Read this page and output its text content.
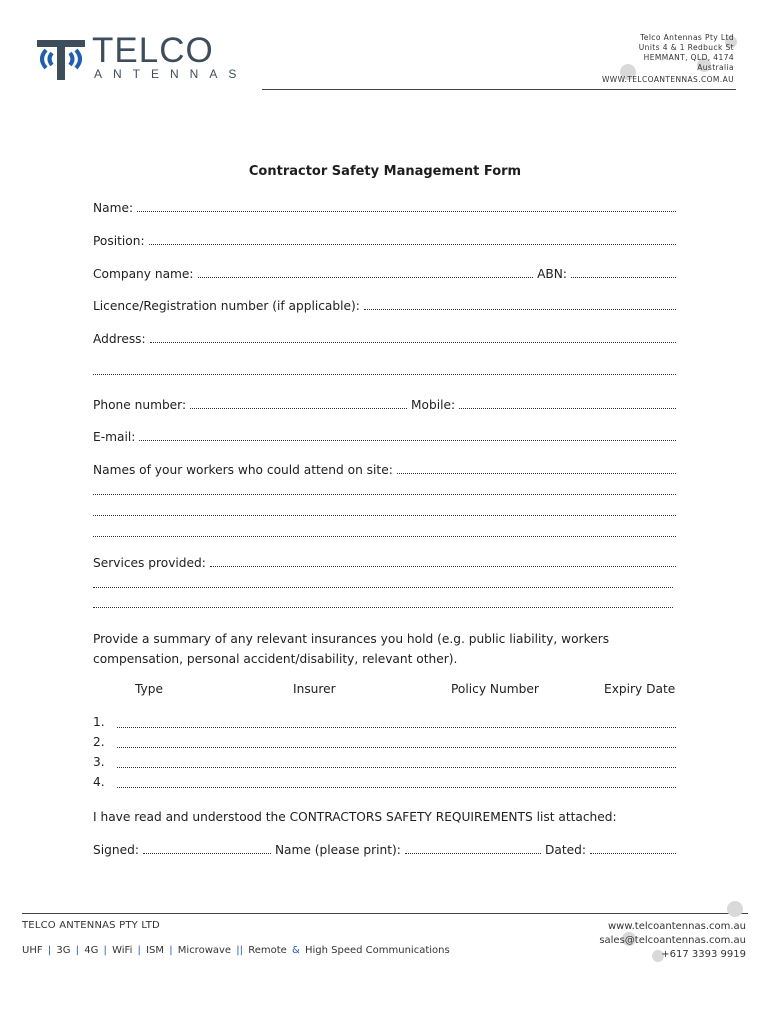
TELCO
ANTENNAS
Telco Antennas Pty Ltd
Units 4 & 1 Redbuck St
HEMMANT, QLD, 4174
Australia
WWW.TELCOANTENNAS.COM.AU
Contractor Safety Management Form
Name:
Position:
Company name:	ABN:
Licence/Registration number (if applicable):
Address:
Phone number:	Mobile:
E-mail:
Names of your workers who could attend on site:
Services provided:
Provide a summary of any relevant insurances you hold (e.g. public liability, workers compensation, personal accident/disability, relevant other).
Type	Insurer	Policy Number	Expiry Date
1.
2.
3.
4.
I have read and understood the CONTRACTORS SAFETY REQUIREMENTS list attached:
Signed:	Name (please print):	Dated:
TELCO ANTENNAS PTY LTD
UHF | 3G | 4G | WiFi | ISM | Microwave || Remote & High Speed Communications
www.telcoantennas.com.au
sales@telcoantennas.com.au
+617 3393 9919
